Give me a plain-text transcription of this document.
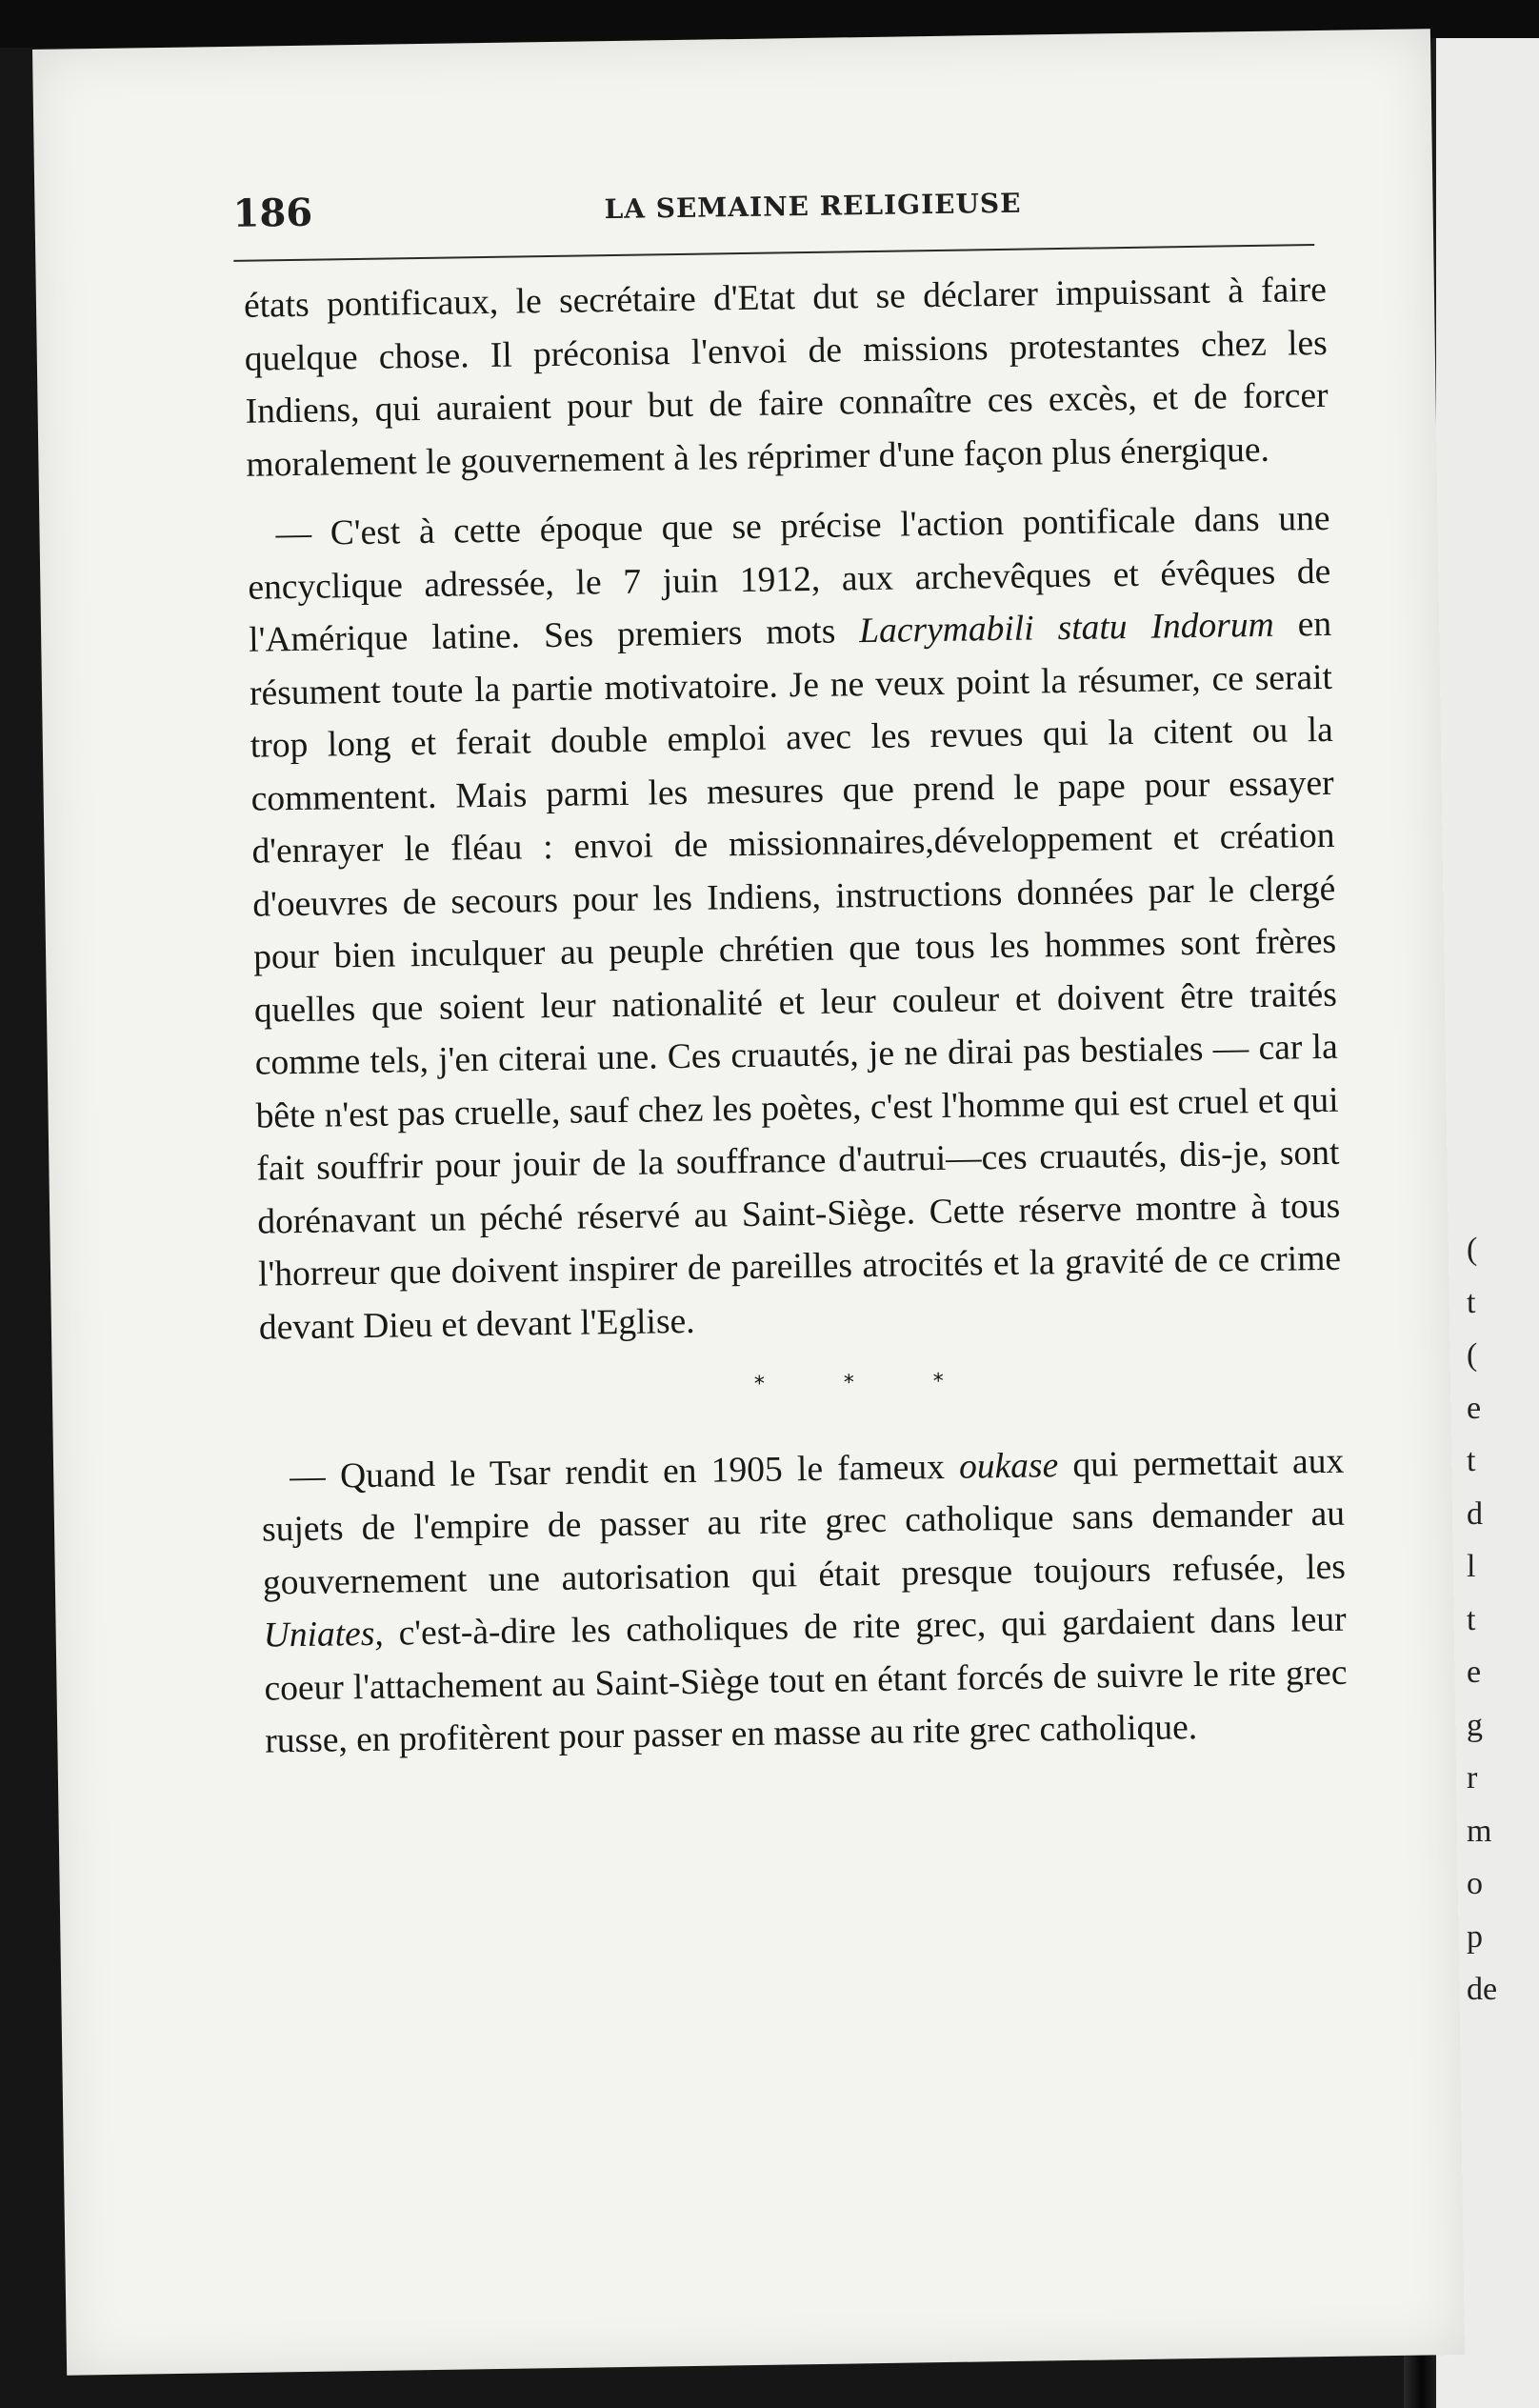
186	LA SEMAINE RELIGIEUSE

états pontificaux, le secrétaire d'Etat dut se déclarer impuissant à faire quelque chose. Il préconisa l'envoi de missions protestantes chez les Indiens, qui auraient pour but de faire connaître ces excès, et de forcer moralement le gouvernement à les réprimer d'une façon plus énergique.

— C'est à cette époque que se précise l'action pontificale dans une encyclique adressée, le 7 juin 1912, aux archevêques et évêques de l'Amérique latine. Ses premiers mots Lacrymabili statu Indorum en résument toute la partie motivatoire. Je ne veux point la résumer, ce serait trop long et ferait double emploi avec les revues qui la citent ou la commentent. Mais parmi les mesures que prend le pape pour essayer d'enrayer le fléau : envoi de missionnaires,développement et création d'oeuvres de secours pour les Indiens, instructions données par le clergé pour bien inculquer au peuple chrétien que tous les hommes sont frères quelles que soient leur nationalité et leur couleur et doivent être traités comme tels, j'en citerai une. Ces cruautés, je ne dirai pas bestiales — car la bête n'est pas cruelle, sauf chez les poètes, c'est l'homme qui est cruel et qui fait souffrir pour jouir de la souffrance d'autrui—ces cruautés, dis-je, sont dorénavant un péché réservé au Saint-Siège. Cette réserve montre à tous l'horreur que doivent inspirer de pareilles atrocités et la gravité de ce crime devant Dieu et devant l'Eglise.

* * *

— Quand le Tsar rendit en 1905 le fameux oukase qui permettait aux sujets de l'empire de passer au rite grec catholique sans demander au gouvernement une autorisation qui était presque toujours refusée, les Uniates, c'est-à-dire les catholiques de rite grec, qui gardaient dans leur coeur l'attachement au Saint-Siège tout en étant forcés de suivre le rite grec russe, en profitèrent pour passer en masse au rite grec catholique.

(
t
(
e
t
d
l
t
e
g
r
m
o
p
de
